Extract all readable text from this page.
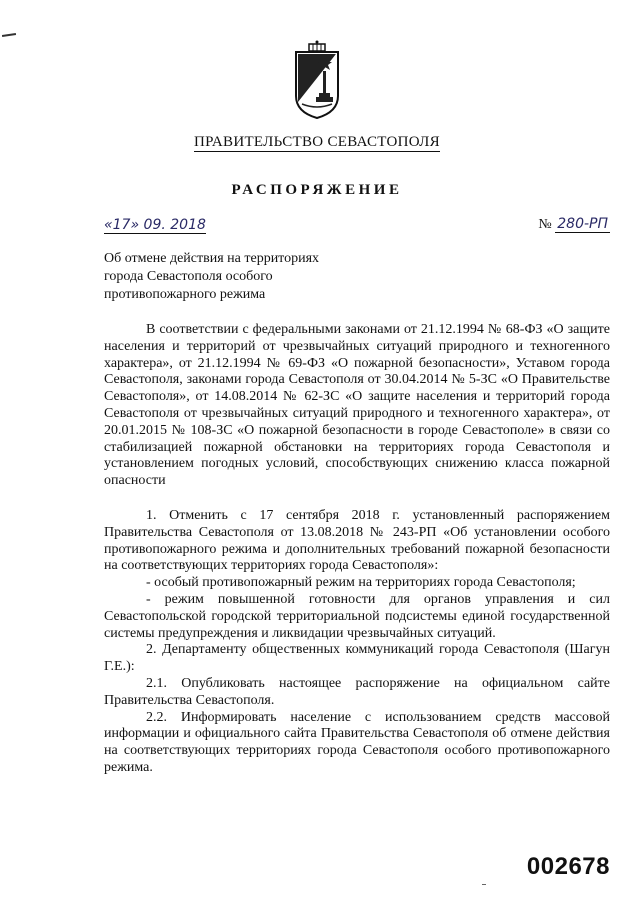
ПРАВИТЕЛЬСТВО СЕВАСТОПОЛЯ
РАСПОРЯЖЕНИЕ
«17» 09. 2018	№ 280-РП
Об отмене действия на территориях
города Севастополя особого
противопожарного режима

В соответствии с федеральными законами от 21.12.1994 № 68-ФЗ «О защите населения и территорий от чрезвычайных ситуаций природного и техногенного характера», от 21.12.1994 № 69-ФЗ «О пожарной безопасности», Уставом города Севастополя, законами города Севастополя от 30.04.2014 № 5-ЗС «О Правительстве Севастополя», от 14.08.2014 № 62-ЗС «О защите населения и территорий города Севастополя от чрезвычайных ситуаций природного и техногенного характера», от 20.01.2015 № 108-ЗС «О пожарной безопасности в городе Севастополе» в связи со стабилизацией пожарной обстановки на территориях города Севастополя и установлением погодных условий, способствующих снижению класса пожарной опасности

1. Отменить с 17 сентября 2018 г. установленный распоряжением Правительства Севастополя от 13.08.2018 № 243-РП «Об установлении особого противопожарного режима и дополнительных требований пожарной безопасности на соответствующих территориях города Севастополя»:

- особый противопожарный режим на территориях города Севастополя;

- режим повышенной готовности для органов управления и сил Севастопольской городской территориальной подсистемы единой государственной системы предупреждения и ликвидации чрезвычайных ситуаций.

2. Департаменту общественных коммуникаций города Севастополя (Шагун Г.Е.):

2.1. Опубликовать настоящее распоряжение на официальном сайте Правительства Севастополя.

2.2. Информировать население с использованием средств массовой информации и официального сайта Правительства Севастополя об отмене действия на соответствующих территориях города Севастополя особого противопожарного режима.

002678
